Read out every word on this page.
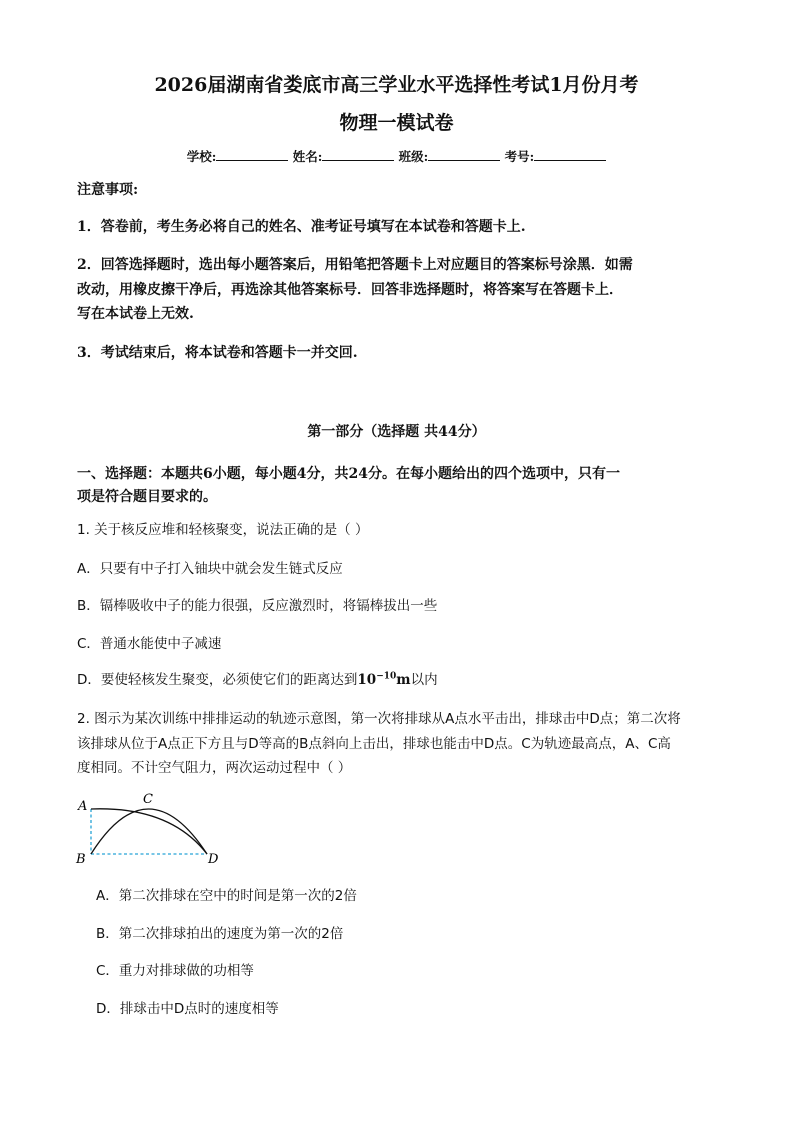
2026届湖南省娄底市高三学业水平选择性考试1月份月考
物理一模试卷
学校:	姓名:	班级:	考号:
注意事项:
1．答卷前，考生务必将自己的姓名、准考证号填写在本试卷和答题卡上.
2．回答选择题时，选出每小题答案后，用铅笔把答题卡上对应题目的答案标号涂黑．如需
改动，用橡皮擦干净后，再选涂其他答案标号．回答非选择题时，将答案写在答题卡上．
写在本试卷上无效.
3．考试结束后，将本试卷和答题卡一并交回.
第一部分（选择题 共44分）
一、选择题：本题共6小题，每小题4分，共24分。在每小题给出的四个选项中，只有一
项是符合题目要求的。
1. 关于核反应堆和轻核聚变，说法正确的是（ ）
A．只要有中子打入铀块中就会发生链式反应
B．镉棒吸收中子的能力很强，反应激烈时，将镉棒拔出一些
C．普通水能使中子减速
D．要使轻核发生聚变，必须使它们的距离达到$10^{-10}m$以内
2. 图示为某次训练中排排运动的轨迹示意图，第一次将排球从A点水平击出，排球击中D点；第二次将
该排球从位于A点正下方且与D等高的B点斜向上击出，排球也能击中D点。C为轨迹最高点，A、C高
度相同。不计空气阻力，两次运动过程中（ ）
A
B
C
D
A．第二次排球在空中的时间是第一次的2倍
B．第二次排球拍出的速度为第一次的2倍
C．重力对排球做的功相等
D．排球击中D点时的速度相等
